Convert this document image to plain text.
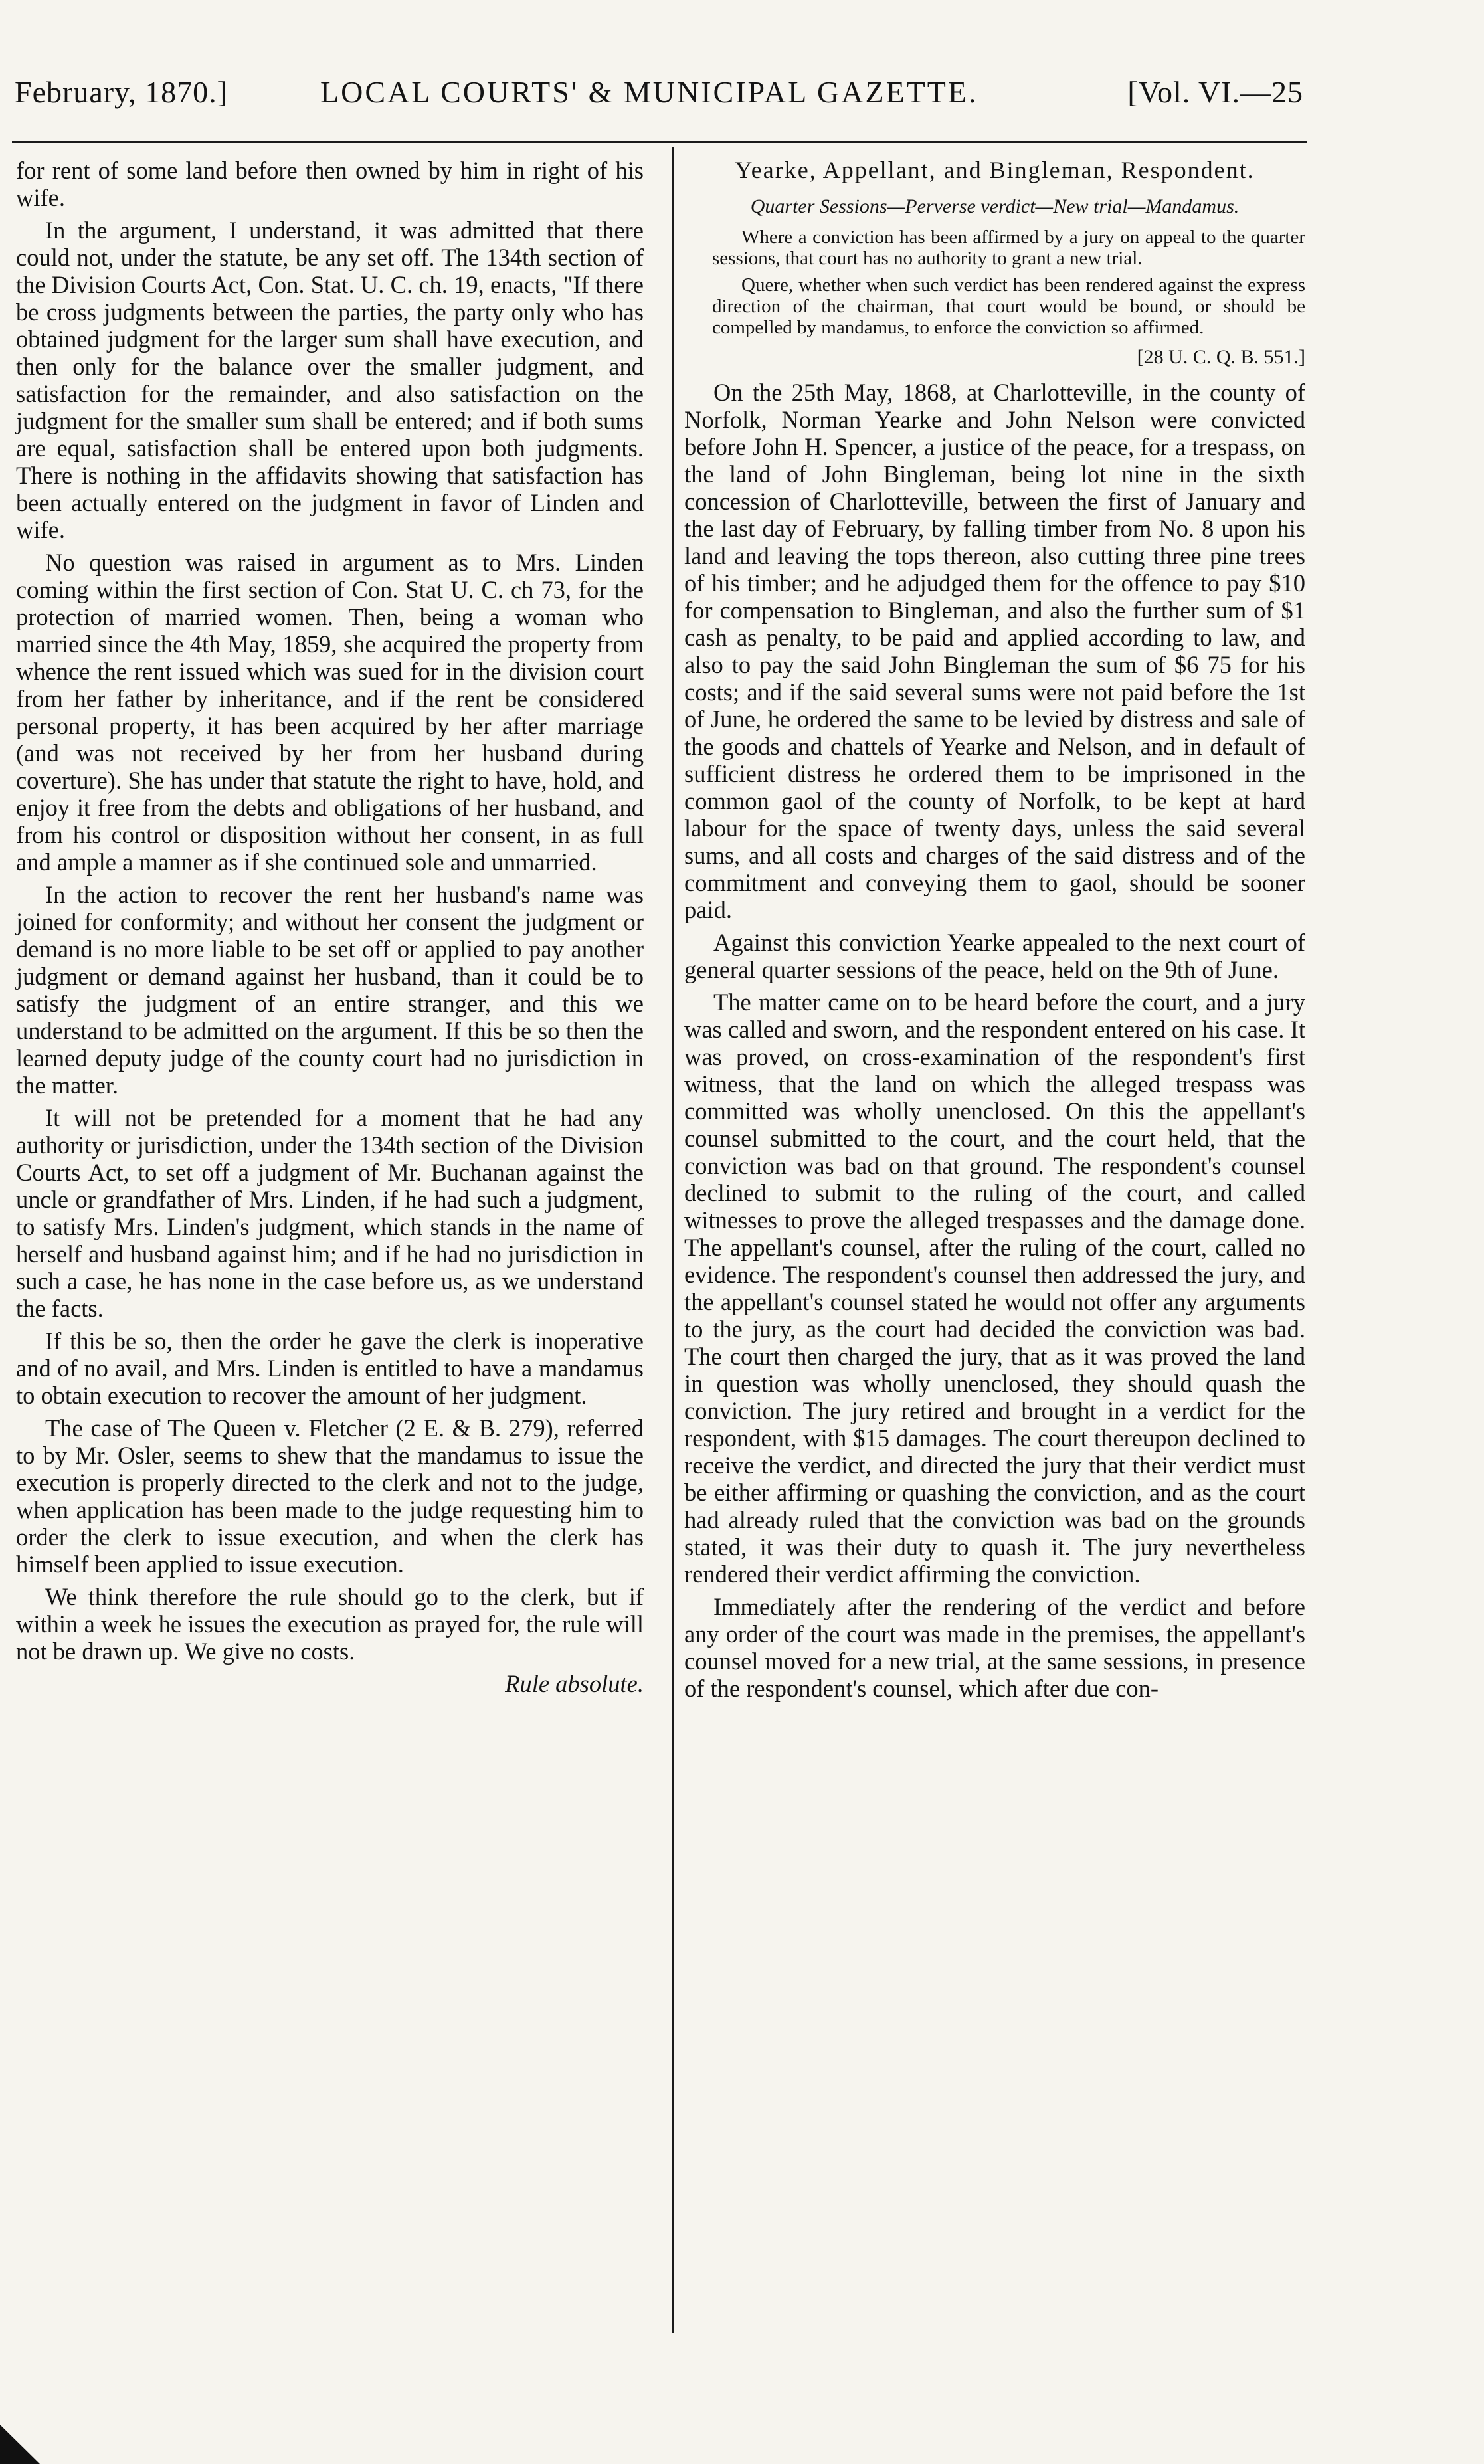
February, 1870.]	LOCAL COURTS' & MUNICIPAL GAZETTE.	[Vol. VI.—25

for rent of some land before then owned by him in right of his wife.

In the argument, I understand, it was admitted that there could not, under the statute, be any set off. The 134th section of the Division Courts Act, Con. Stat. U. C. ch. 19, enacts, "If there be cross judgments between the parties, the party only who has obtained judgment for the larger sum shall have execution, and then only for the balance over the smaller judgment, and satisfaction for the remainder, and also satisfaction on the judgment for the smaller sum shall be entered; and if both sums are equal, satisfaction shall be entered upon both judgments. There is nothing in the affidavits showing that satisfaction has been actually entered on the judgment in favor of Linden and wife.

No question was raised in argument as to Mrs. Linden coming within the first section of Con. Stat U. C. ch 73, for the protection of married women. Then, being a woman who married since the 4th May, 1859, she acquired the property from whence the rent issued which was sued for in the division court from her father by inheritance, and if the rent be considered personal property, it has been acquired by her after marriage (and was not received by her from her husband during coverture). She has under that statute the right to have, hold, and enjoy it free from the debts and obligations of her husband, and from his control or disposition without her consent, in as full and ample a manner as if she continued sole and unmarried.

In the action to recover the rent her husband's name was joined for conformity; and without her consent the judgment or demand is no more liable to be set off or applied to pay another judgment or demand against her husband, than it could be to satisfy the judgment of an entire stranger, and this we understand to be admitted on the argument. If this be so then the learned deputy judge of the county court had no jurisdiction in the matter.

It will not be pretended for a moment that he had any authority or jurisdiction, under the 134th section of the Division Courts Act, to set off a judgment of Mr. Buchanan against the uncle or grandfather of Mrs. Linden, if he had such a judgment, to satisfy Mrs. Linden's judgment, which stands in the name of herself and husband against him; and if he had no jurisdiction in such a case, he has none in the case before us, as we understand the facts.

If this be so, then the order he gave the clerk is inoperative and of no avail, and Mrs. Linden is entitled to have a mandamus to obtain execution to recover the amount of her judgment.

The case of The Queen v. Fletcher (2 E. & B. 279), referred to by Mr. Osler, seems to shew that the mandamus to issue the execution is properly directed to the clerk and not to the judge, when application has been made to the judge requesting him to order the clerk to issue execution, and when the clerk has himself been applied to issue execution.

We think therefore the rule should go to the clerk, but if within a week he issues the execution as prayed for, the rule will not be drawn up. We give no costs.

Rule absolute.
Yearke, Appellant, and Bingleman, Respondent.
Quarter Sessions—Perverse verdict—New trial—Mandamus.

Where a conviction has been affirmed by a jury on appeal to the quarter sessions, that court has no authority to grant a new trial.

Quere, whether when such verdict has been rendered against the express direction of the chairman, that court would be bound, or should be compelled by mandamus, to enforce the conviction so affirmed.

[28 U. C. Q. B. 551.]

On the 25th May, 1868, at Charlotteville, in the county of Norfolk, Norman Yearke and John Nelson were convicted before John H. Spencer, a justice of the peace, for a trespass, on the land of John Bingleman, being lot nine in the sixth concession of Charlotteville, between the first of January and the last day of February, by falling timber from No. 8 upon his land and leaving the tops thereon, also cutting three pine trees of his timber; and he adjudged them for the offence to pay $10 for compensation to Bingleman, and also the further sum of $1 cash as penalty, to be paid and applied according to law, and also to pay the said John Bingleman the sum of $6 75 for his costs; and if the said several sums were not paid before the 1st of June, he ordered the same to be levied by distress and sale of the goods and chattels of Yearke and Nelson, and in default of sufficient distress he ordered them to be imprisoned in the common gaol of the county of Norfolk, to be kept at hard labour for the space of twenty days, unless the said several sums, and all costs and charges of the said distress and of the commitment and conveying them to gaol, should be sooner paid.

Against this conviction Yearke appealed to the next court of general quarter sessions of the peace, held on the 9th of June.

The matter came on to be heard before the court, and a jury was called and sworn, and the respondent entered on his case. It was proved, on cross-examination of the respondent's first witness, that the land on which the alleged trespass was committed was wholly unenclosed. On this the appellant's counsel submitted to the court, and the court held, that the conviction was bad on that ground. The respondent's counsel declined to submit to the ruling of the court, and called witnesses to prove the alleged trespasses and the damage done. The appellant's counsel, after the ruling of the court, called no evidence. The respondent's counsel then addressed the jury, and the appellant's counsel stated he would not offer any arguments to the jury, as the court had decided the conviction was bad. The court then charged the jury, that as it was proved the land in question was wholly unenclosed, they should quash the conviction. The jury retired and brought in a verdict for the respondent, with $15 damages. The court thereupon declined to receive the verdict, and directed the jury that their verdict must be either affirming or quashing the conviction, and as the court had already ruled that the conviction was bad on the grounds stated, it was their duty to quash it. The jury nevertheless rendered their verdict affirming the conviction.

Immediately after the rendering of the verdict and before any order of the court was made in the premises, the appellant's counsel moved for a new trial, at the same sessions, in presence of the respondent's counsel, which after due con-
